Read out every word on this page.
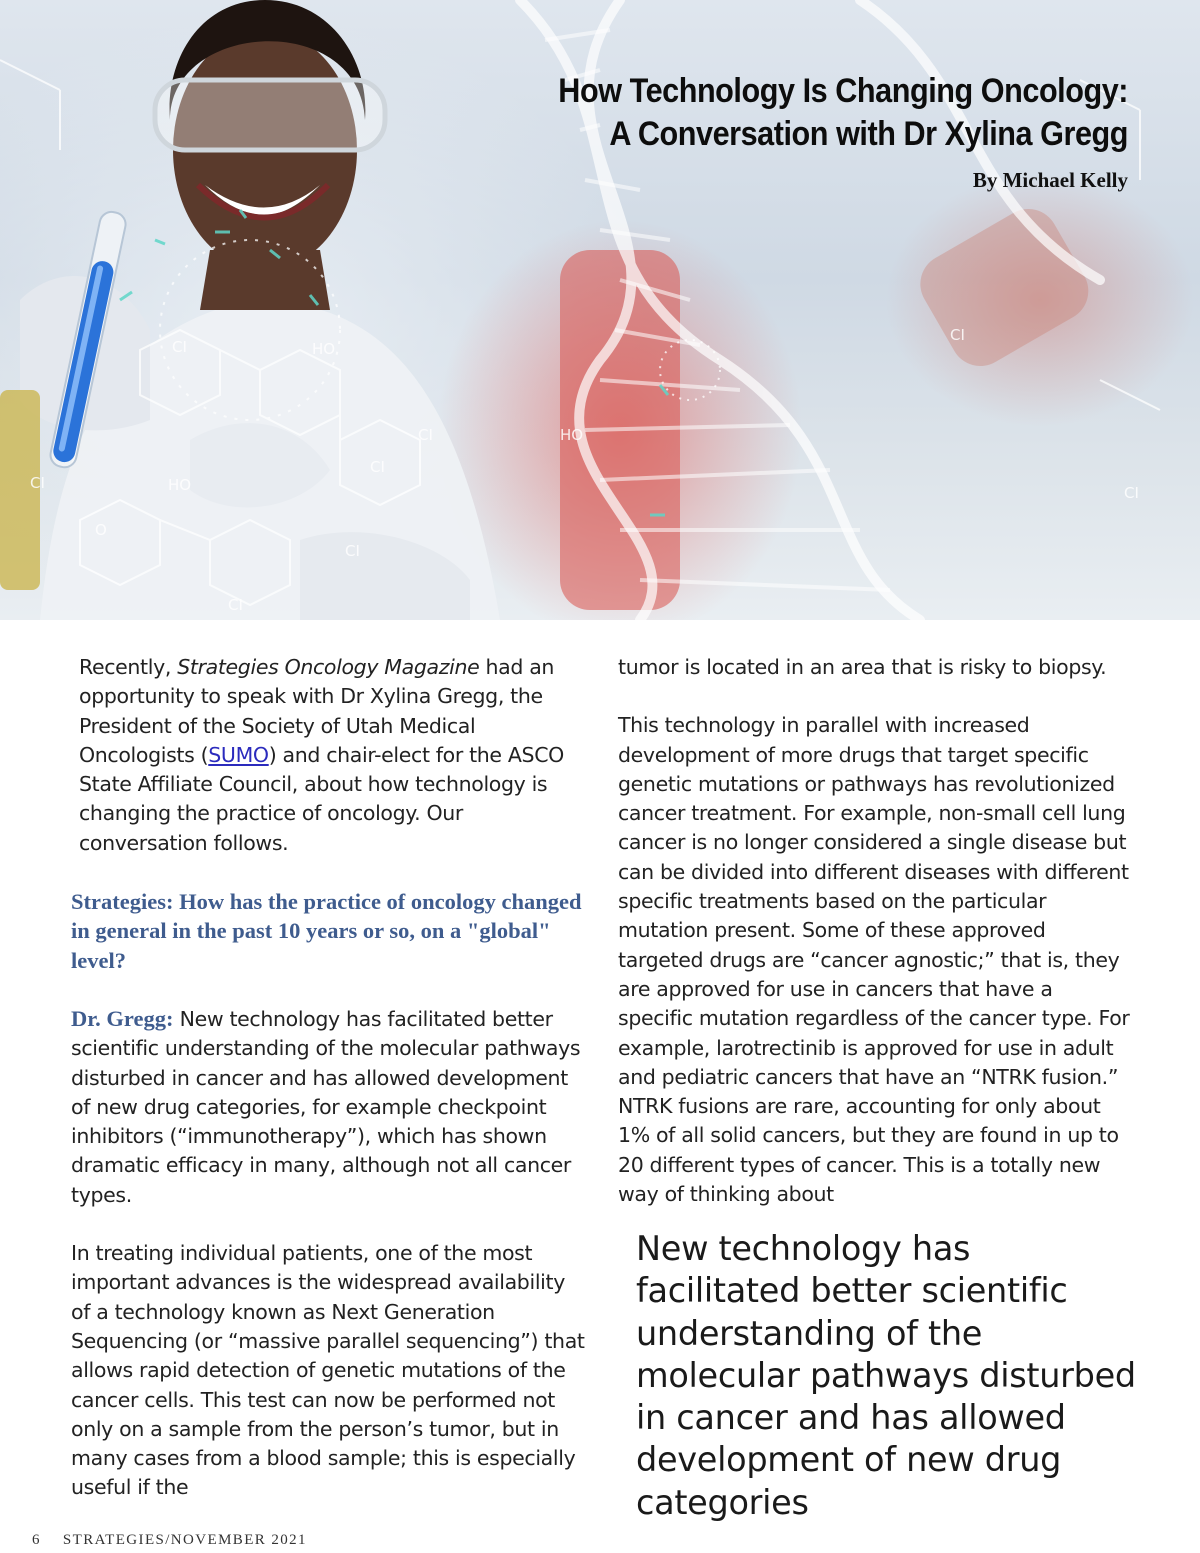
CI	HO
CI
CI
HO
CI
O
CI
CI
HO
CI
CI
How Technology Is Changing Oncology:
A Conversation with Dr Xylina Gregg
By Michael Kelly

Recently, Strategies Oncology Magazine had an opportunity to speak with Dr Xylina Gregg, the President of the Society of Utah Medical Oncologists (SUMO) and chair-elect for the ASCO State Affiliate Council, about how technology is changing the practice of oncology. Our conversation follows.

Strategies: How has the practice of oncology changed in general in the past 10 years or so, on a "global" level?

Dr. Gregg: New technology has facilitated better scientific understanding of the molecular pathways disturbed in cancer and has allowed development of new drug categories, for example checkpoint inhibitors (“immunotherapy”), which has shown dramatic efficacy in many, although not all cancer types.

In treating individual patients, one of the most important advances is the widespread availability of a technology known as Next Generation Sequencing (or “massive parallel sequencing”) that allows rapid detection of genetic mutations of the cancer cells. This test can now be performed not only on a sample from the person’s tumor, but in many cases from a blood sample; this is especially useful if the

tumor is located in an area that is risky to biopsy.

This technology in parallel with increased development of more drugs that target specific genetic mutations or pathways has revolutionized cancer treatment. For example, non-small cell lung cancer is no longer considered a single disease but can be divided into different diseases with different specific treatments based on the particular mutation present. Some of these approved targeted drugs are “cancer agnostic;” that is, they are approved for use in cancers that have a specific mutation regardless of the cancer type. For example, larotrectinib is approved for use in adult and pediatric cancers that have an “NTRK fusion.” NTRK fusions are rare, accounting for only about 1% of all solid cancers, but they are found in up to 20 different types of cancer. This is a totally new way of thinking about

New technology has facilitated better scientific understanding of the molecular pathways disturbed in cancer and has allowed development of new drug categories
6 STRATEGIES/NOVEMBER 2021
